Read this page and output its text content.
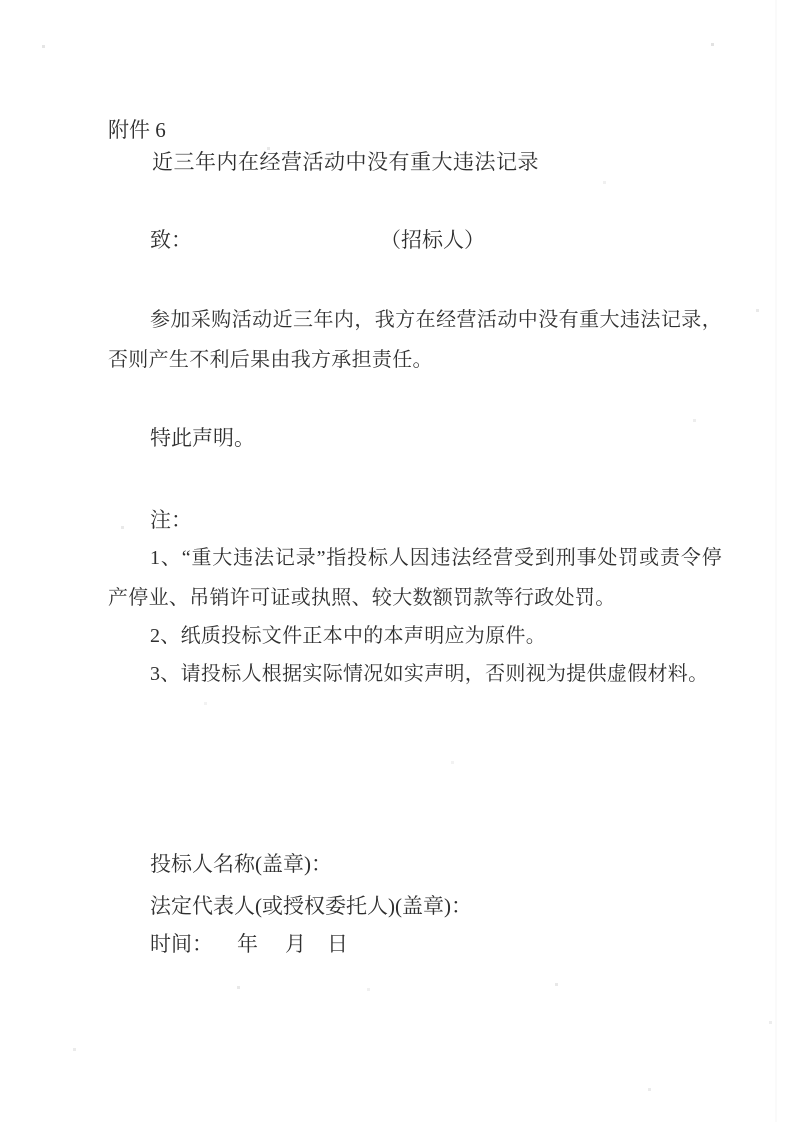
附件 6

近三年内在经营活动中没有重大违法记录

致：	（招标人）

参加采购活动近三年内，我方在经营活动中没有重大违法记录，否则产生不利后果由我方承担责任。

特此声明。

注：

1、“重大违法记录”指投标人因违法经营受到刑事处罚或责令停产停业、吊销许可证或执照、较大数额罚款等行政处罚。

2、纸质投标文件正本中的本声明应为原件。

3、请投标人根据实际情况如实声明，否则视为提供虚假材料。

投标人名称(盖章)：

法定代表人(或授权委托人)(盖章)：

时间： 年 月 日
